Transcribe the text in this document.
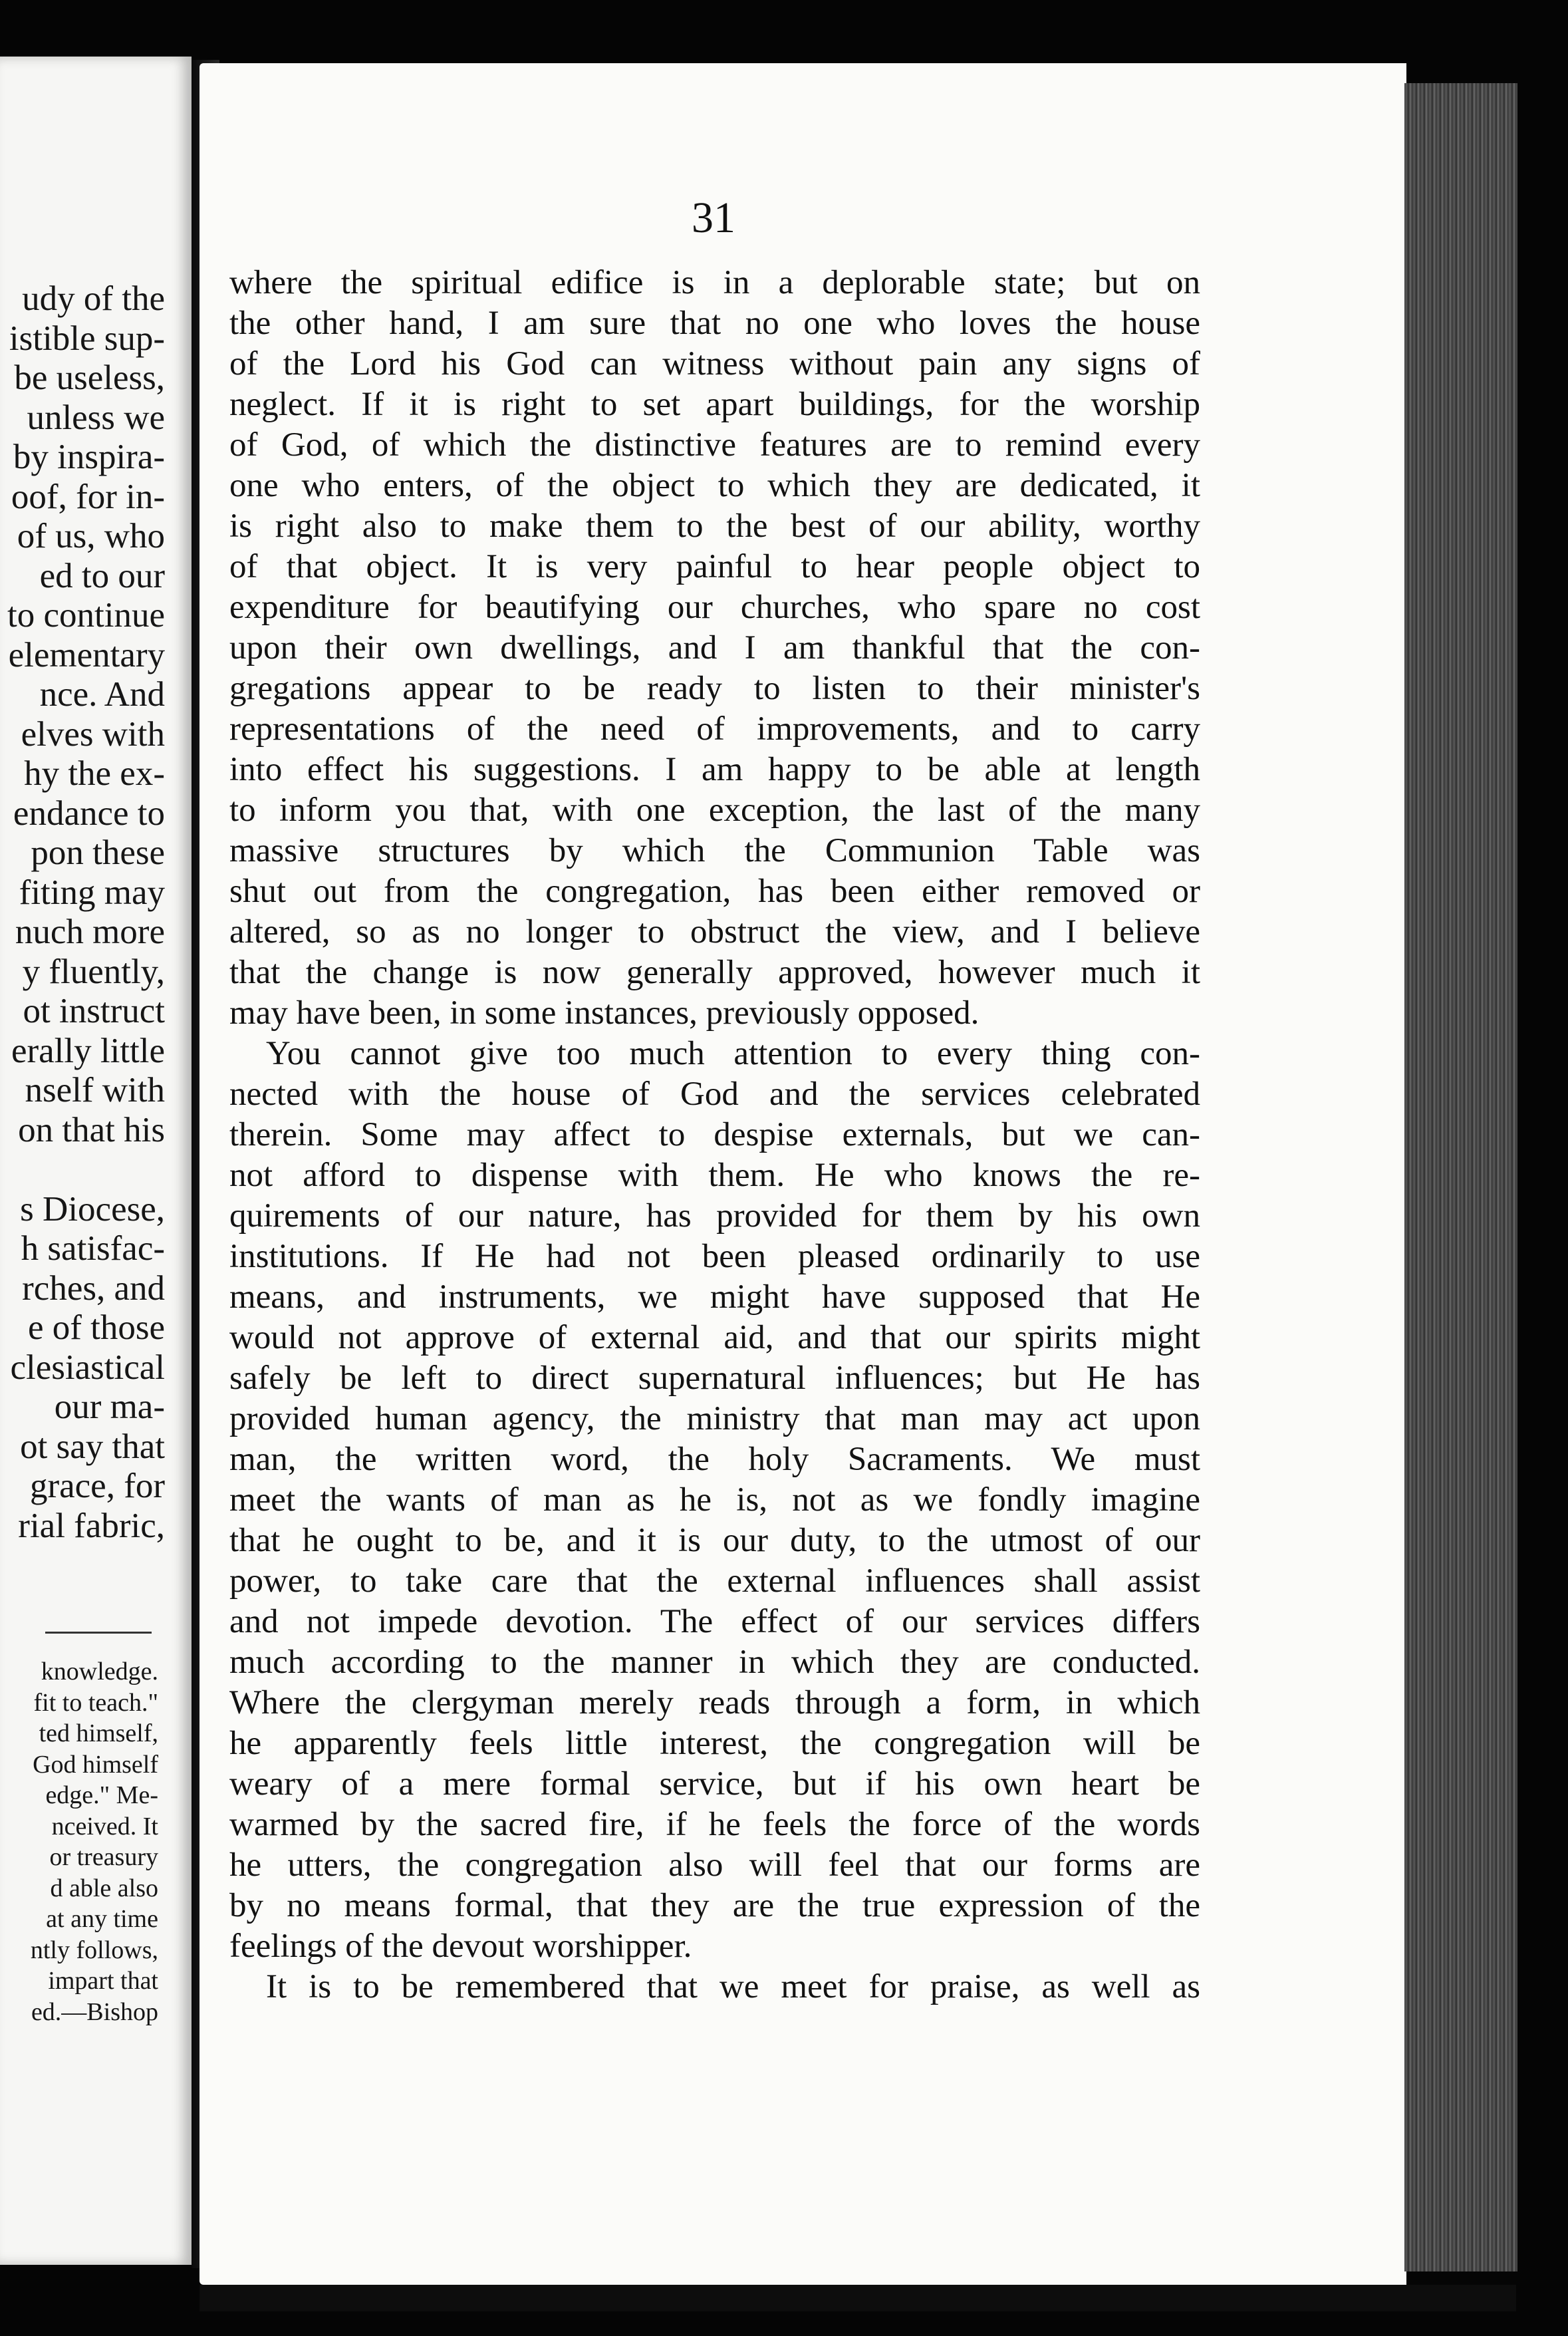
udy of the
istible sup-
be useless,
unless we
by inspira-
oof, for in-
of us, who
ed to our
to continue
elementary
nce. And
elves with
hy the ex-
endance to
pon these
fiting may
nuch more
y fluently,
ot instruct
erally little
nself with
on that his

s Diocese,
h satisfac-
rches, and
e of those
clesiastical
our ma-
ot say that
grace, for
rial fabric,
knowledge.
fit to teach."
ted himself,
God himself
edge." Me-
nceived. It
or treasury
d able also
at any time
ntly follows,
impart that
ed.—Bishop
31
where the spiritual edifice is in a deplorable state; but on
the other hand, I am sure that no one who loves the house
of the Lord his God can witness without pain any signs of
neglect. If it is right to set apart buildings, for the worship
of God, of which the distinctive features are to remind every
one who enters, of the object to which they are dedicated, it
is right also to make them to the best of our ability, worthy
of that object. It is very painful to hear people object to
expenditure for beautifying our churches, who spare no cost
upon their own dwellings, and I am thankful that the con-
gregations appear to be ready to listen to their minister's
representations of the need of improvements, and to carry
into effect his suggestions. I am happy to be able at length
to inform you that, with one exception, the last of the many
massive structures by which the Communion Table was
shut out from the congregation, has been either removed or
altered, so as no longer to obstruct the view, and I believe
that the change is now generally approved, however much it
may have been, in some instances, previously opposed.
You cannot give too much attention to every thing con-
nected with the house of God and the services celebrated
therein. Some may affect to despise externals, but we can-
not afford to dispense with them. He who knows the re-
quirements of our nature, has provided for them by his own
institutions. If He had not been pleased ordinarily to use
means, and instruments, we might have supposed that He
would not approve of external aid, and that our spirits might
safely be left to direct supernatural influences; but He has
provided human agency, the ministry that man may act upon
man, the written word, the holy Sacraments. We must
meet the wants of man as he is, not as we fondly imagine
that he ought to be, and it is our duty, to the utmost of our
power, to take care that the external influences shall assist
and not impede devotion. The effect of our services differs
much according to the manner in which they are conducted.
Where the clergyman merely reads through a form, in which
he apparently feels little interest, the congregation will be
weary of a mere formal service, but if his own heart be
warmed by the sacred fire, if he feels the force of the words
he utters, the congregation also will feel that our forms are
by no means formal, that they are the true expression of the
feelings of the devout worshipper.
It is to be remembered that we meet for praise, as well as
